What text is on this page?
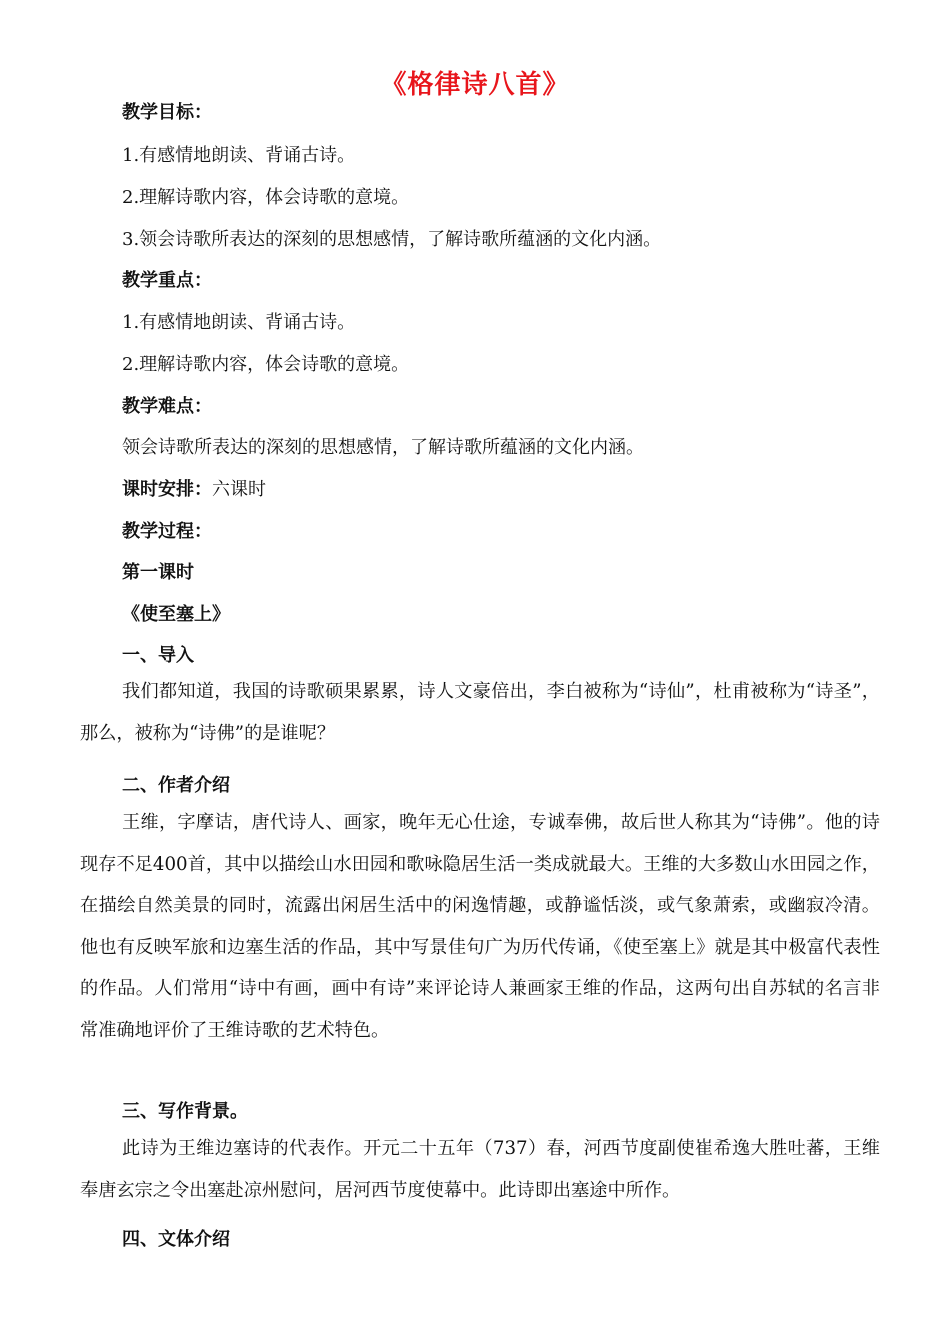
《格律诗八首》
教学目标：
1.有感情地朗读、背诵古诗。
2.理解诗歌内容，体会诗歌的意境。
3.领会诗歌所表达的深刻的思想感情，了解诗歌所蕴涵的文化内涵。
教学重点：
1.有感情地朗读、背诵古诗。
2.理解诗歌内容，体会诗歌的意境。
教学难点：
领会诗歌所表达的深刻的思想感情，了解诗歌所蕴涵的文化内涵。
课时安排：六课时
教学过程：
第一课时
《使至塞上》
一、导入
我们都知道，我国的诗歌硕果累累，诗人文豪倍出，李白被称为“诗仙”，杜甫被称为“诗圣”，那么，被称为“诗佛”的是谁呢？
二、作者介绍
王维，字摩诘，唐代诗人、画家，晚年无心仕途，专诚奉佛，故后世人称其为“诗佛”。他的诗现存不足400首，其中以描绘山水田园和歌咏隐居生活一类成就最大。王维的大多数山水田园之作，在描绘自然美景的同时，流露出闲居生活中的闲逸情趣，或静谧恬淡，或气象萧索，或幽寂冷清。他也有反映军旅和边塞生活的作品，其中写景佳句广为历代传诵，《使至塞上》就是其中极富代表性的作品。人们常用“诗中有画，画中有诗”来评论诗人兼画家王维的作品，这两句出自苏轼的名言非常准确地评价了王维诗歌的艺术特色。
三、写作背景。
此诗为王维边塞诗的代表作。开元二十五年（737）春，河西节度副使崔希逸大胜吐蕃，王维奉唐玄宗之令出塞赴凉州慰问，居河西节度使幕中。此诗即出塞途中所作。
四、文体介绍
